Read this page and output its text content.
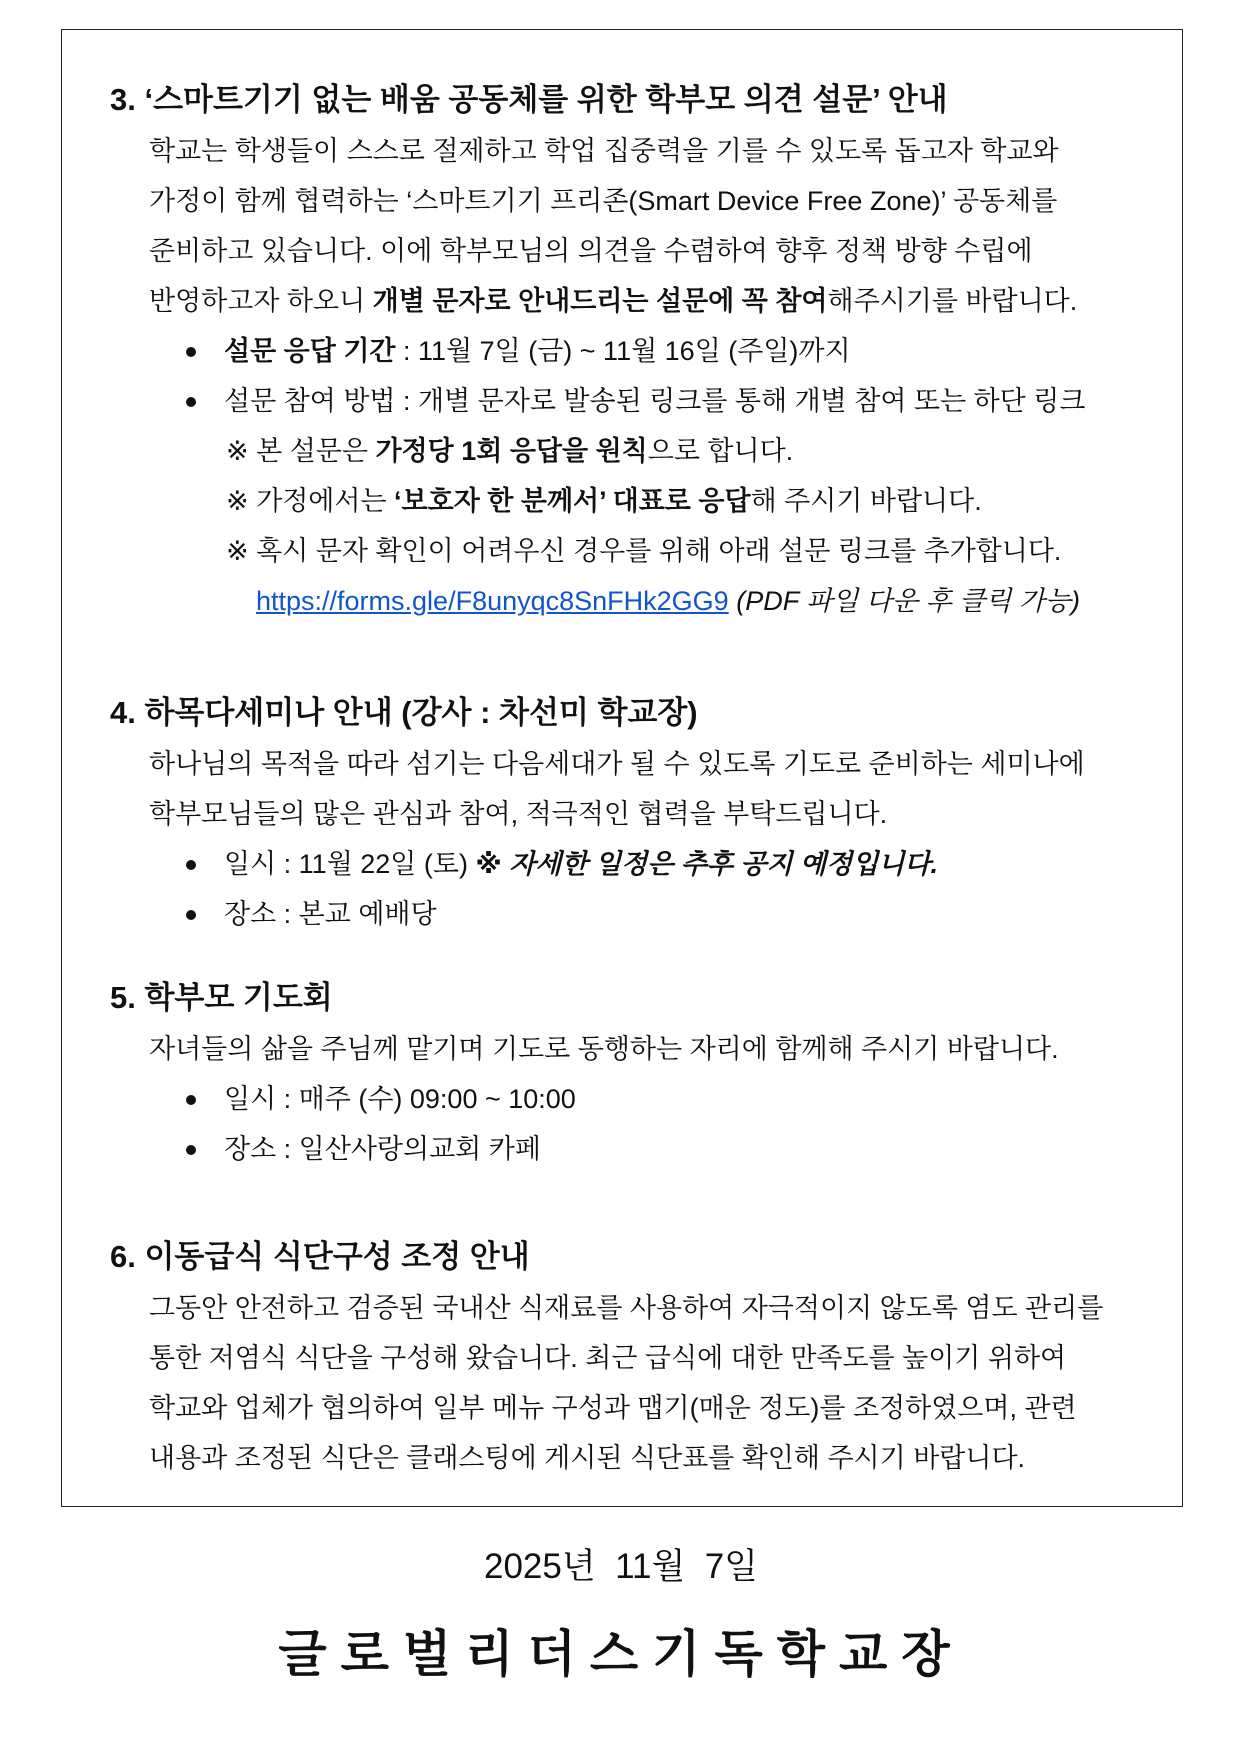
3. ‘스마트기기 없는 배움 공동체를 위한 학부모 의견 설문’ 안내

학교는 학생들이 스스로 절제하고 학업 집중력을 기를 수 있도록 돕고자 학교와
가정이 함께 협력하는 ‘스마트기기 프리존(Smart Device Free Zone)’ 공동체를
준비하고 있습니다. 이에 학부모님의 의견을 수렴하여 향후 정책 방향 수립에
반영하고자 하오니 개별 문자로 안내드리는 설문에 꼭 참여해주시기를 바랍니다.

설문 응답 기간 : 11월 7일 (금) ~ 11월 16일 (주일)까지
설문 참여 방법 : 개별 문자로 발송된 링크를 통해 개별 참여 또는 하단 링크

※ 본 설문은 가정당 1회 응답을 원칙으로 합니다.
※ 가정에서는 ‘보호자 한 분께서’ 대표로 응답해 주시기 바랍니다.
※ 혹시 문자 확인이 어려우신 경우를 위해 아래 설문 링크를 추가합니다.
https://forms.gle/F8unyqc8SnFHk2GG9 (PDF 파일 다운 후 클릭 가능)

4. 하목다세미나 안내 (강사 : 차선미 학교장)

하나님의 목적을 따라 섬기는 다음세대가 될 수 있도록 기도로 준비하는 세미나에
학부모님들의 많은 관심과 참여, 적극적인 협력을 부탁드립니다.

일시 : 11월 22일 (토) ※ 자세한 일정은 추후 공지 예정입니다.
장소 : 본교 예배당
5. 학부모 기도회

자녀들의 삶을 주님께 맡기며 기도로 동행하는 자리에 함께해 주시기 바랍니다.

일시 : 매주 (수) 09:00 ~ 10:00
장소 : 일산사랑의교회 카페
6. 이동급식 식단구성 조정 안내

그동안 안전하고 검증된 국내산 식재료를 사용하여 자극적이지 않도록 염도 관리를
통한 저염식 식단을 구성해 왔습니다. 최근 급식에 대한 만족도를 높이기 위하여
학교와 업체가 협의하여 일부 메뉴 구성과 맵기(매운 정도)를 조정하였으며, 관련
내용과 조정된 식단은 클래스팅에 게시된 식단표를 확인해 주시기 바랍니다.

2025년  11월  7일
글로벌리더스기독학교장
